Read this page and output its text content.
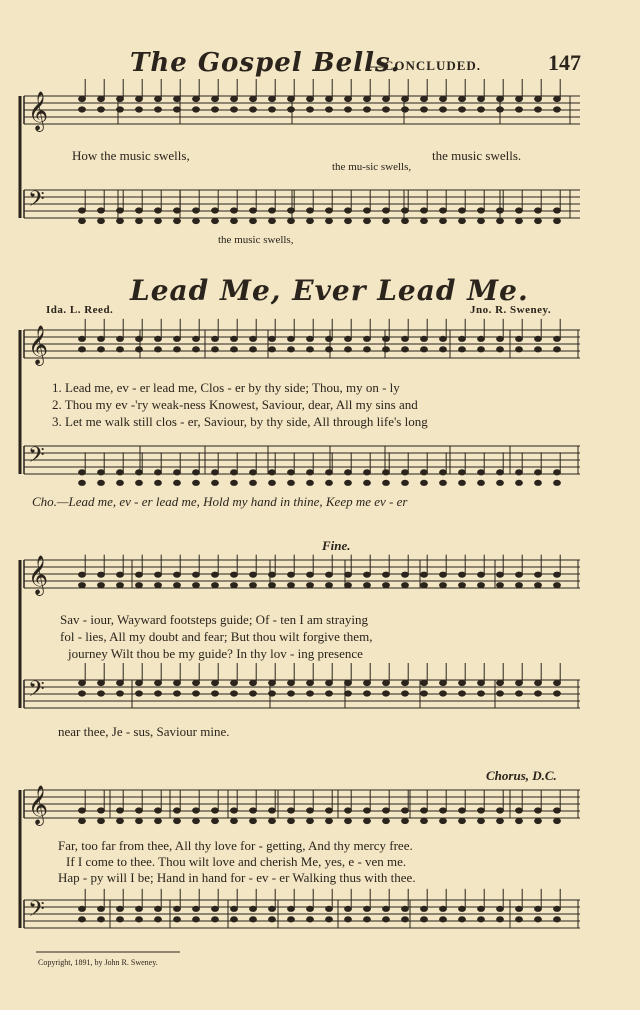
The Gospel Bells.
—CONCLUDED.	147
𝄞
𝄢
𝄞
𝄢
𝄞
𝄢
𝄞
𝄢
How the music swells,
the mu-sic swells,
the music swells.
the music swells,
Lead Me, Ever Lead Me.
Ida. L. Reed.	Jno. R. Sweney.
1. Lead me, ev - er lead me, Clos - er by thy side; Thou, my on - ly
2. Thou my ev -'ry weak-ness Knowest, Saviour, dear, All my sins and
3. Let me walk still clos - er, Saviour, by thy side, All through life's long
Cho.—Lead me, ev - er lead me, Hold my hand in thine, Keep me ev - er
Fine.
Sav - iour, Wayward footsteps guide; Of - ten I am straying
fol - lies, All my doubt and fear; But thou wilt forgive them,
journey Wilt thou be my guide? In thy lov - ing presence
near thee, Je - sus, Saviour mine.
Chorus, D.C.
Far, too far from thee, All thy love for - getting, And thy mercy free.
If I come to thee. Thou wilt love and cherish Me, yes, e - ven me.
Hap - py will I be; Hand in hand for - ev - er Walking thus with thee.
Copyright, 1891, by John R. Sweney.
